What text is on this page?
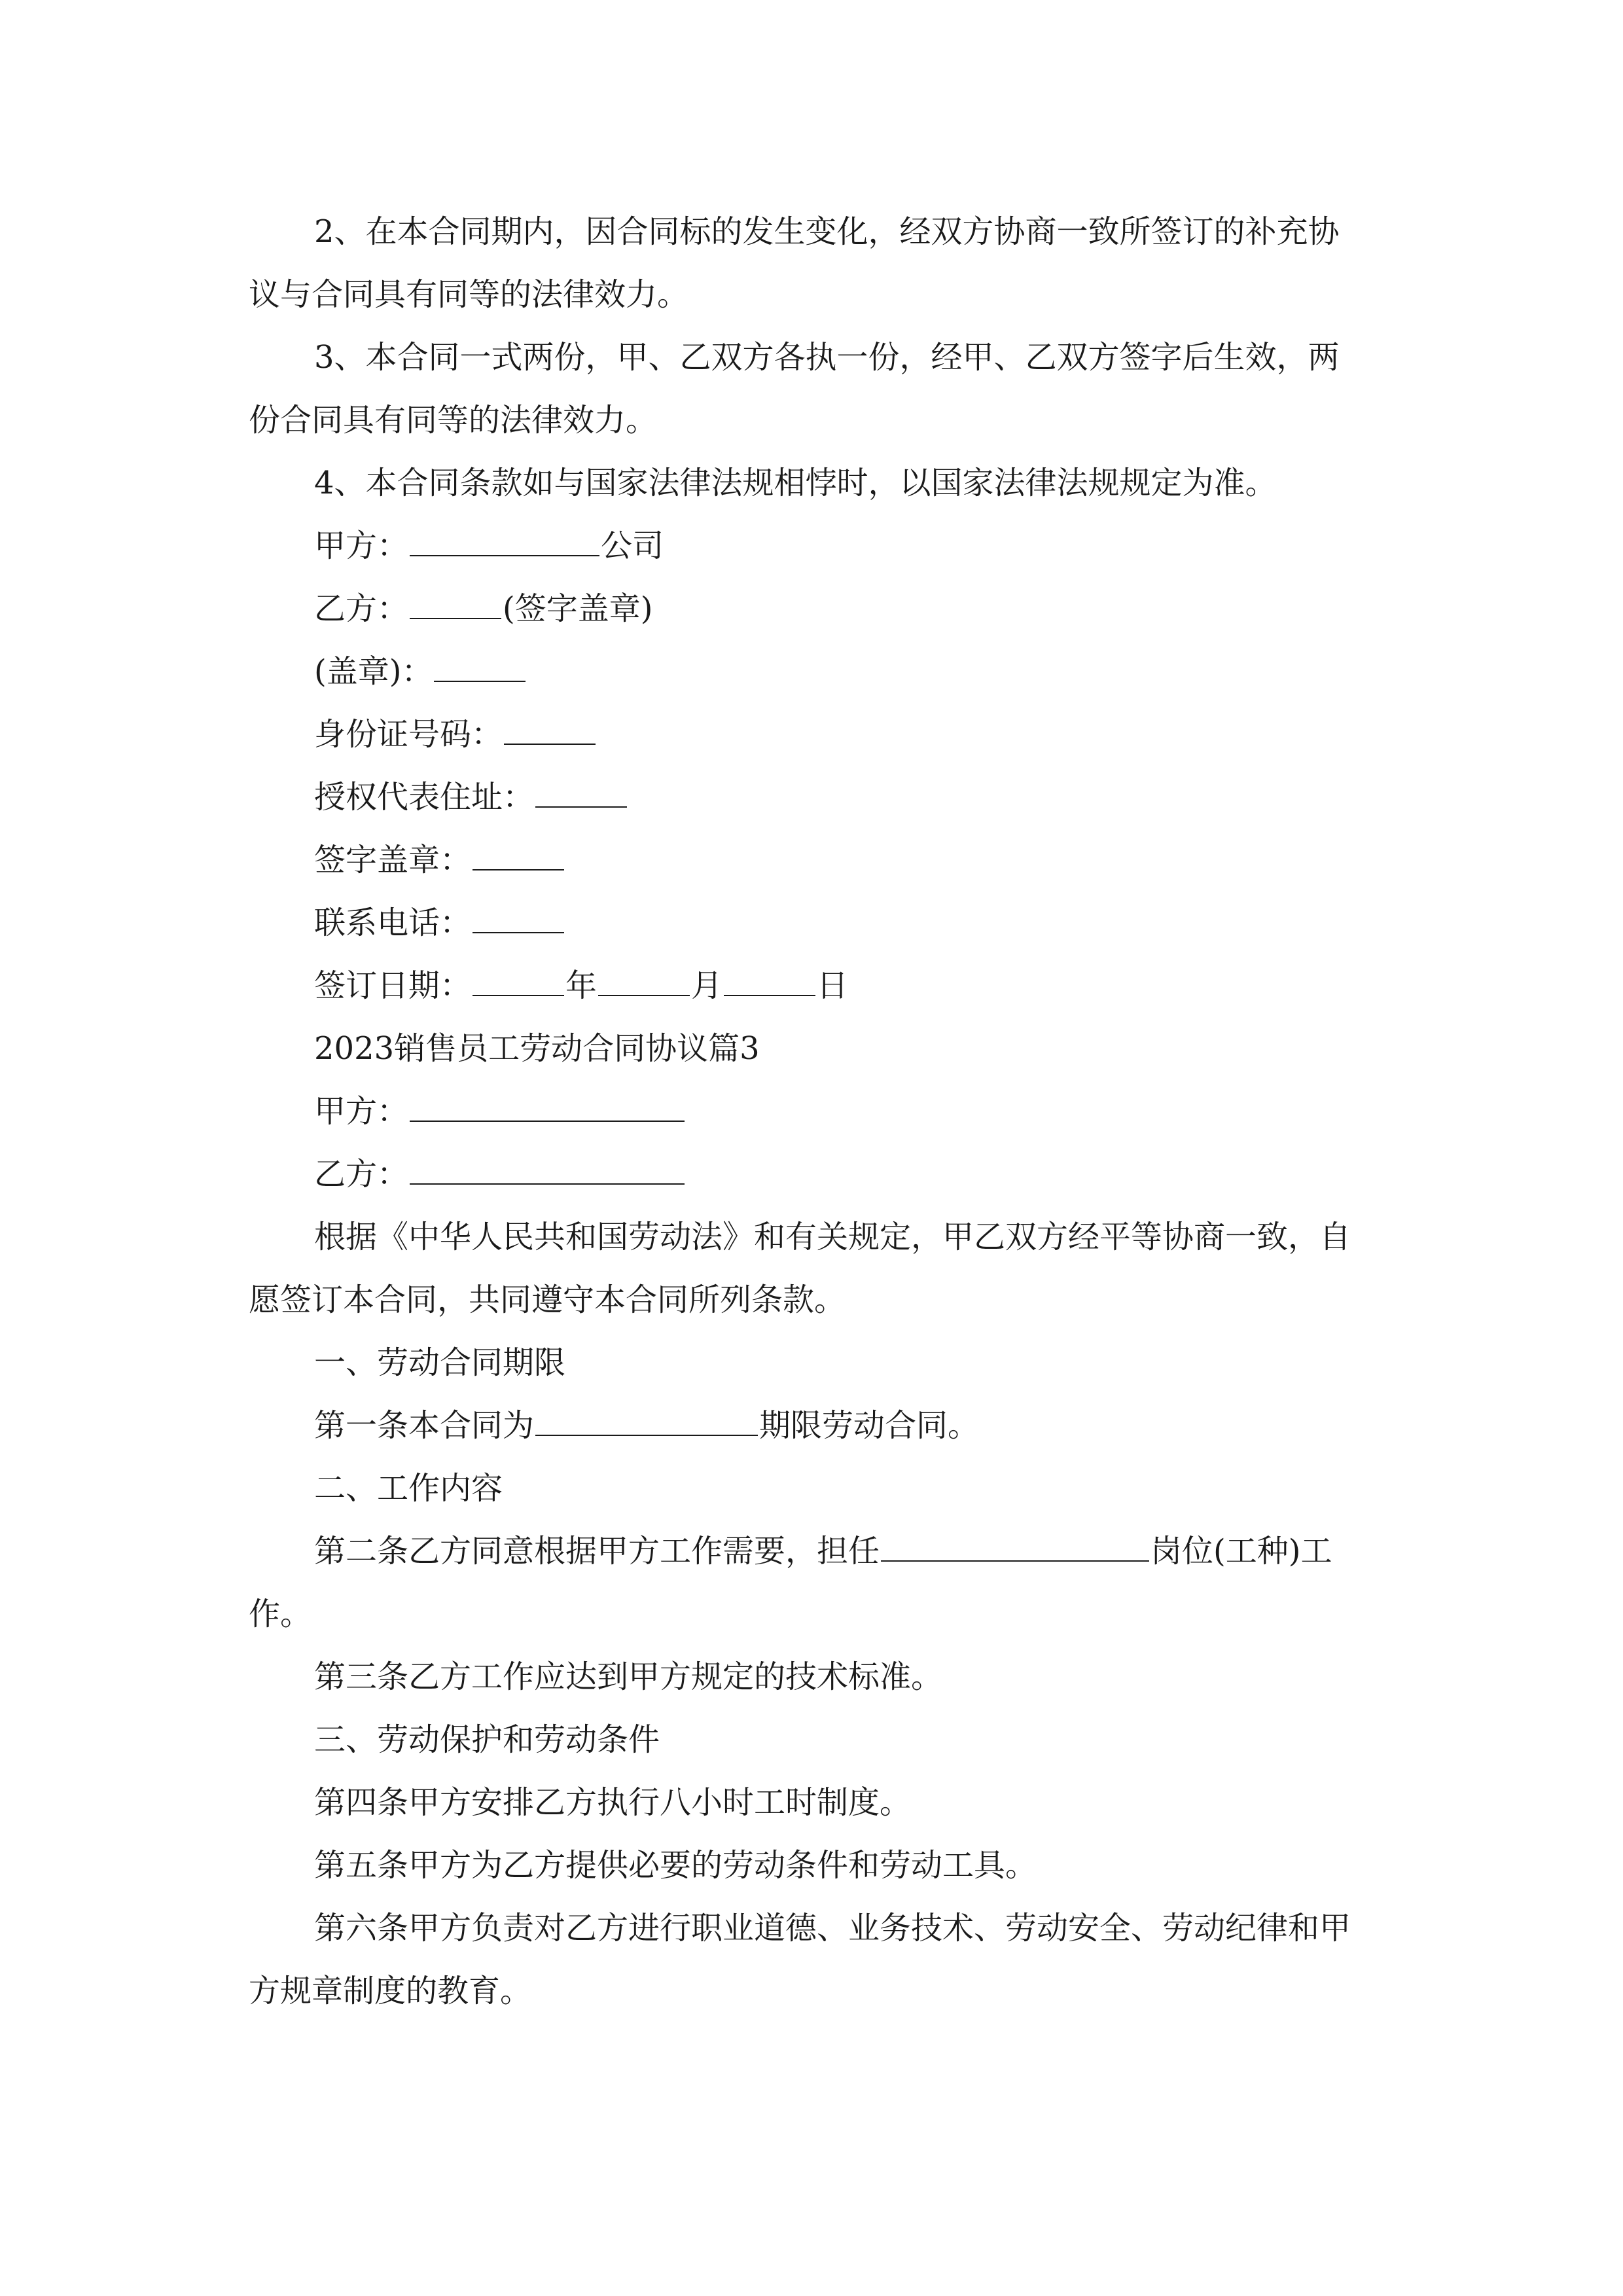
2、在本合同期内，因合同标的发生变化，经双方协商一致所签订的补充协
议与合同具有同等的法律效力。
3、本合同一式两份，甲、乙双方各执一份，经甲、乙双方签字后生效，两
份合同具有同等的法律效力。
4、本合同条款如与国家法律法规相悖时，以国家法律法规规定为准。
甲方：	公司
乙方：	(签字盖章)
(盖章)：
身份证号码：
授权代表住址：
签字盖章：
联系电话：
签订日期：	年	月	日
2023销售员工劳动合同协议篇3
甲方：
乙方：
根据《中华人民共和国劳动法》和有关规定，甲乙双方经平等协商一致，自
愿签订本合同，共同遵守本合同所列条款。
一、劳动合同期限
第一条本合同为	期限劳动合同。
二、工作内容
第二条乙方同意根据甲方工作需要，担任	岗位(工种)工
作。
第三条乙方工作应达到甲方规定的技术标准。
三、劳动保护和劳动条件
第四条甲方安排乙方执行八小时工时制度。
第五条甲方为乙方提供必要的劳动条件和劳动工具。
第六条甲方负责对乙方进行职业道德、业务技术、劳动安全、劳动纪律和甲
方规章制度的教育。
